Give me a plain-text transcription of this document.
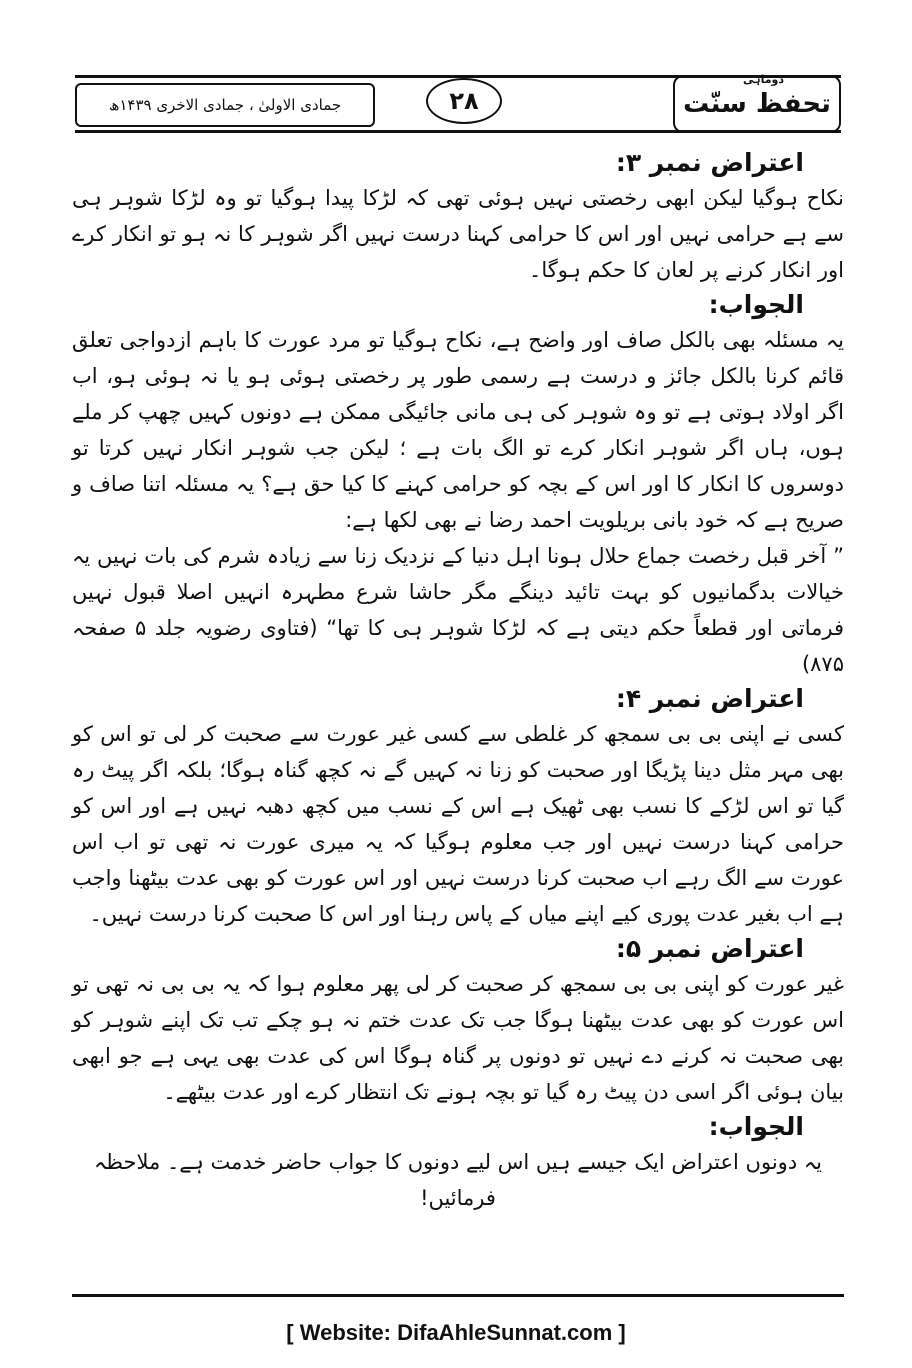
جمادی الاولیٰ ، جمادی الاخری ۱۴۳۹ھ
دوماہی
تحفظ سنّت
۲۸
اعتراض نمبر ۳:

نکاح ہوگیا لیکن ابھی رخصتی نہیں ہوئی تھی کہ لڑکا پیدا ہوگیا تو وہ لڑکا شوہر ہی سے ہے حرامی نہیں اور اس کا حرامی کہنا درست نہیں اگر شوہر کا نہ ہو تو انکار کرے اور انکار کرنے پر لعان کا حکم ہوگا۔

الجواب:

یہ مسئلہ بھی بالکل صاف اور واضح ہے، نکاح ہوگیا تو مرد عورت کا باہم ازدواجی تعلق قائم کرنا بالکل جائز و درست ہے رسمی طور پر رخصتی ہوئی ہو یا نہ ہوئی ہو، اب اگر اولاد ہوتی ہے تو وہ شوہر کی ہی مانی جائیگی ممکن ہے دونوں کہیں چھپ کر ملے ہوں، ہاں اگر شوہر انکار کرے تو الگ بات ہے ؛ لیکن جب شوہر انکار نہیں کرتا تو دوسروں کا انکار کا اور اس کے بچہ کو حرامی کہنے کا کیا حق ہے؟ یہ مسئلہ اتنا صاف و صریح ہے کہ خود بانی بریلویت احمد رضا نے بھی لکھا ہے:

” آخر قبل رخصت جماع حلال ہونا اہل دنیا کے نزدیک زنا سے زیادہ شرم کی بات نہیں یہ خیالات بدگمانیوں کو بہت تائید دینگے مگر حاشا شرع مطہرہ انہیں اصلا قبول نہیں فرماتی اور قطعاً حکم دیتی ہے کہ لڑکا شوہر ہی کا تھا“ (فتاوی رضویہ جلد ۵ صفحہ ۸۷۵)

اعتراض نمبر ۴:

کسی نے اپنی بی بی سمجھ کر غلطی سے کسی غیر عورت سے صحبت کر لی تو اس کو بھی مہر مثل دینا پڑیگا اور صحبت کو زنا نہ کہیں گے نہ کچھ گناہ ہوگا؛ بلکہ اگر پیٹ رہ گیا تو اس لڑکے کا نسب بھی ٹھیک ہے اس کے نسب میں کچھ دھبہ نہیں ہے اور اس کو حرامی کہنا درست نہیں اور جب معلوم ہوگیا کہ یہ میری عورت نہ تھی تو اب اس عورت سے الگ رہے اب صحبت کرنا درست نہیں اور اس عورت کو بھی عدت بیٹھنا واجب ہے اب بغیر عدت پوری کیے اپنے میاں کے پاس رہنا اور اس کا صحبت کرنا درست نہیں۔

اعتراض نمبر ۵:

غیر عورت کو اپنی بی بی سمجھ کر صحبت کر لی پھر معلوم ہوا کہ یہ بی بی نہ تھی تو اس عورت کو بھی عدت بیٹھنا ہوگا جب تک عدت ختم نہ ہو چکے تب تک اپنے شوہر کو بھی صحبت نہ کرنے دے نہیں تو دونوں پر گناہ ہوگا اس کی عدت بھی یہی ہے جو ابھی بیان ہوئی اگر اسی دن پیٹ رہ گیا تو بچہ ہونے تک انتظار کرے اور عدت بیٹھے۔

الجواب:

یہ دونوں اعتراض ایک جیسے ہیں اس لیے دونوں کا جواب حاضر خدمت ہے۔ ملاحظہ فرمائیں!

[ Website: DifaAhleSunnat.com ]
